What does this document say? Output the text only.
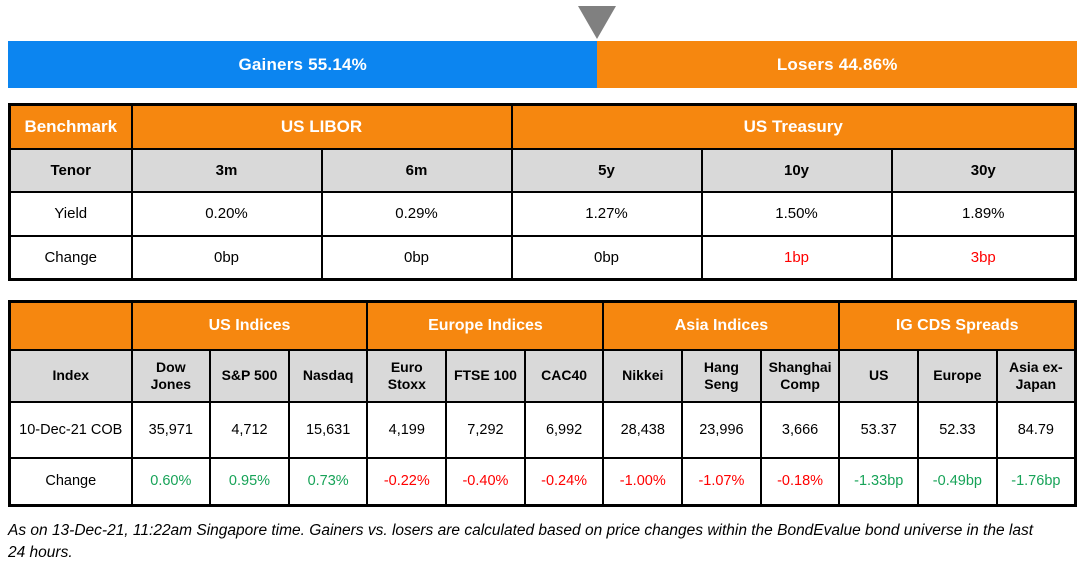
Gainers 55.14%	Losers 44.86%
Benchmark	US LIBOR		US Treasury		
Tenor	3m	6m	5y	10y	30y
Yield	0.20%	0.29%	1.27%	1.50%	1.89%
Change	0bp	0bp	0bp	1bp	3bp
	US Indices			Europe Indices			Asia Indices			IG CDS Spreads		
Index	Dow Jones	S&P 500	Nasdaq	Euro Stoxx	FTSE 100	CAC40	Nikkei	Hang Seng	Shanghai Comp	US	Europe	Asia ex-Japan
10-Dec-21 COB	35,971	4,712	15,631	4,199	7,292	6,992	28,438	23,996	3,666	53.37	52.33	84.79
Change	0.60%	0.95%	0.73%	-0.22%	-0.40%	-0.24%	-1.00%	-1.07%	-0.18%	-1.33bp	-0.49bp	-1.76bp
As on 13-Dec-21, 11:22am Singapore time. Gainers vs. losers are calculated based on price changes within the BondEvalue bond universe in the last 24 hours.
